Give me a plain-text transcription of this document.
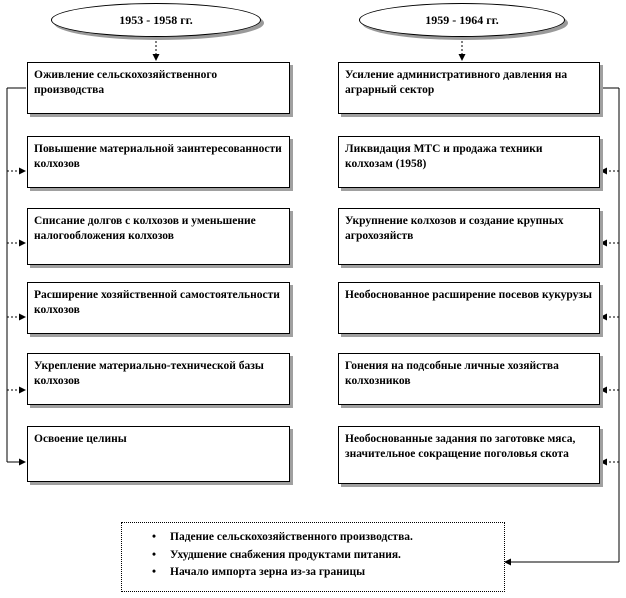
1953 - 1958 гг.	1959 - 1964 гг.
Оживление сельскохозяйственного производства
Повышение материальной заинтересованности колхозов
Списание долгов с колхозов и уменьшение налогообложения колхозов
Расширение хозяйственной самостоятельности колхозов
Укрепление материально-технической базы колхозов
Освоение целины
Усиление административного давления на аграрный сектор
Ликвидация МТС и продажа техники колхозам (1958)
Укрупнение колхозов и создание крупных агрохозяйств
Необоснованное расширение посевов кукурузы
Гонения на подсобные личные хозяйства колхозников
Необоснованные задания по заготовке мяса, значительное сокращение поголовья скота
• Падение сельскохозяйственного производства.
• Ухудшение снабжения продуктами питания.
• Начало импорта зерна из-за границы
